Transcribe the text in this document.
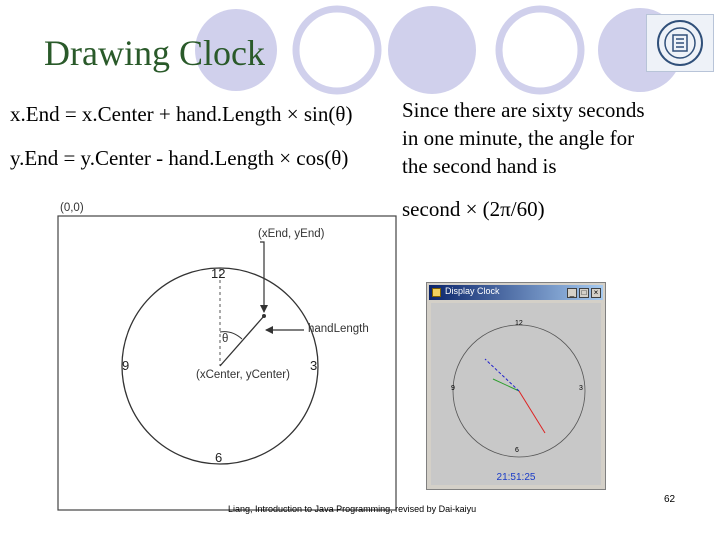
Drawing Clock
x.End = x.Center + hand.Length × sin(θ)
y.End = y.Center - hand.Length × cos(θ)
Since there are sixty seconds
in one minute, the angle for
the second hand is
second × (2π/60)
(0,0)
(xEnd, yEnd)
handLength
θ
(xCenter, yCenter)
12
3
6
9
Display Clock	_ □ ×
12
3
6
9
21:51:25
Liang, Introduction to Java Programming, revised by Dai-kaiyu
62
